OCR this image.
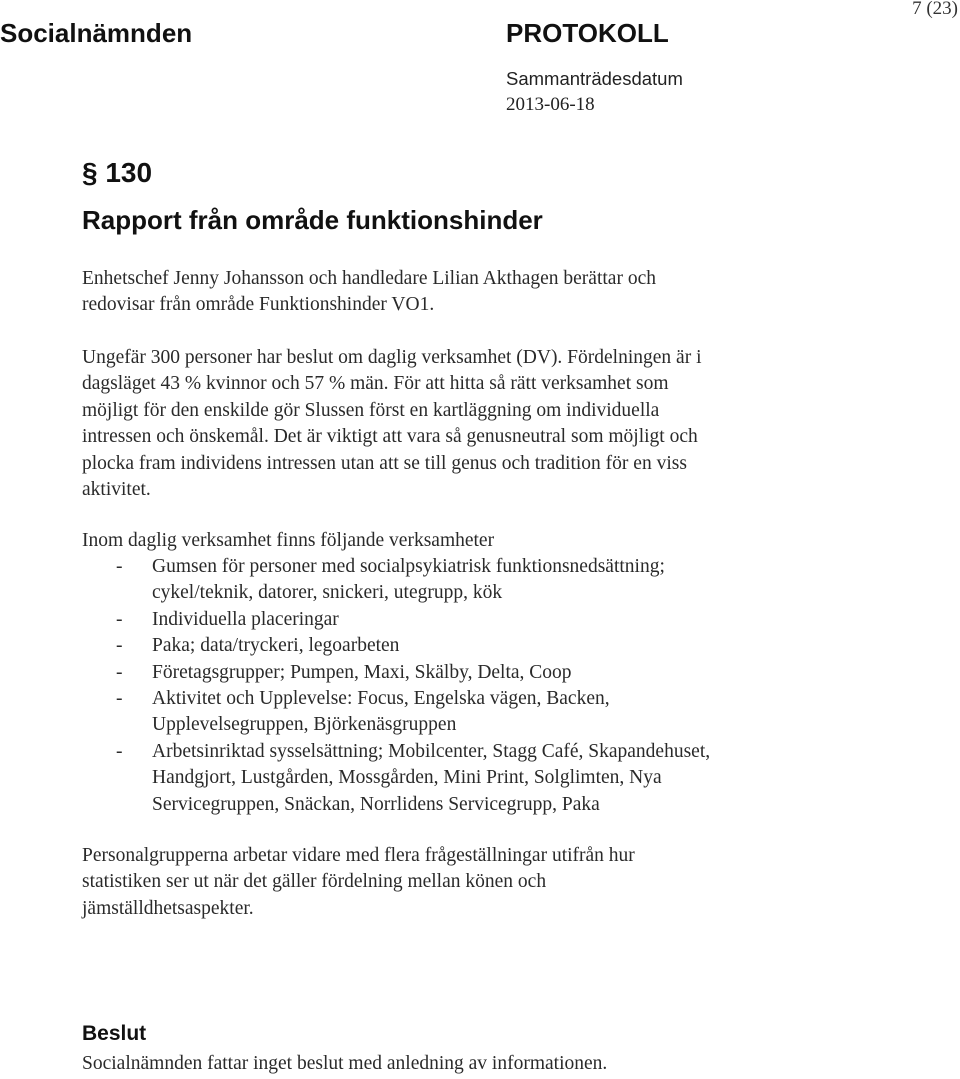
Socialnämnden	PROTOKOLL
Sammanträdesdatum
2013-06-18
7 (23)
§ 130
Rapport från område funktionshinder
Enhetschef Jenny Johansson och handledare Lilian Akthagen berättar och
redovisar från område Funktionshinder VO1.
Ungefär 300 personer har beslut om daglig verksamhet (DV). Fördelningen är i
dagsläget 43 % kvinnor och 57 % män. För att hitta så rätt verksamhet som
möjligt för den enskilde gör Slussen först en kartläggning om individuella
intressen och önskemål. Det är viktigt att vara så genusneutral som möjligt och
plocka fram individens intressen utan att se till genus och tradition för en viss
aktivitet.
Inom daglig verksamhet finns följande verksamheter
- Gumsen för personer med socialpsykiatrisk funktionsnedsättning;
cykel/teknik, datorer, snickeri, utegrupp, kök
- Individuella placeringar
- Paka; data/tryckeri, legoarbeten
- Företagsgrupper; Pumpen, Maxi, Skälby, Delta, Coop
- Aktivitet och Upplevelse: Focus, Engelska vägen, Backen,
Upplevelsegruppen, Björkenäsgruppen
- Arbetsinriktad sysselsättning; Mobilcenter, Stagg Café, Skapandehuset,
Handgjort, Lustgården, Mossgården, Mini Print, Solglimten, Nya
Servicegruppen, Snäckan, Norrlidens Servicegrupp, Paka
Personalgrupperna arbetar vidare med flera frågeställningar utifrån hur
statistiken ser ut när det gäller fördelning mellan könen och
jämställdhetsaspekter.
Beslut
Socialnämnden fattar inget beslut med anledning av informationen.
